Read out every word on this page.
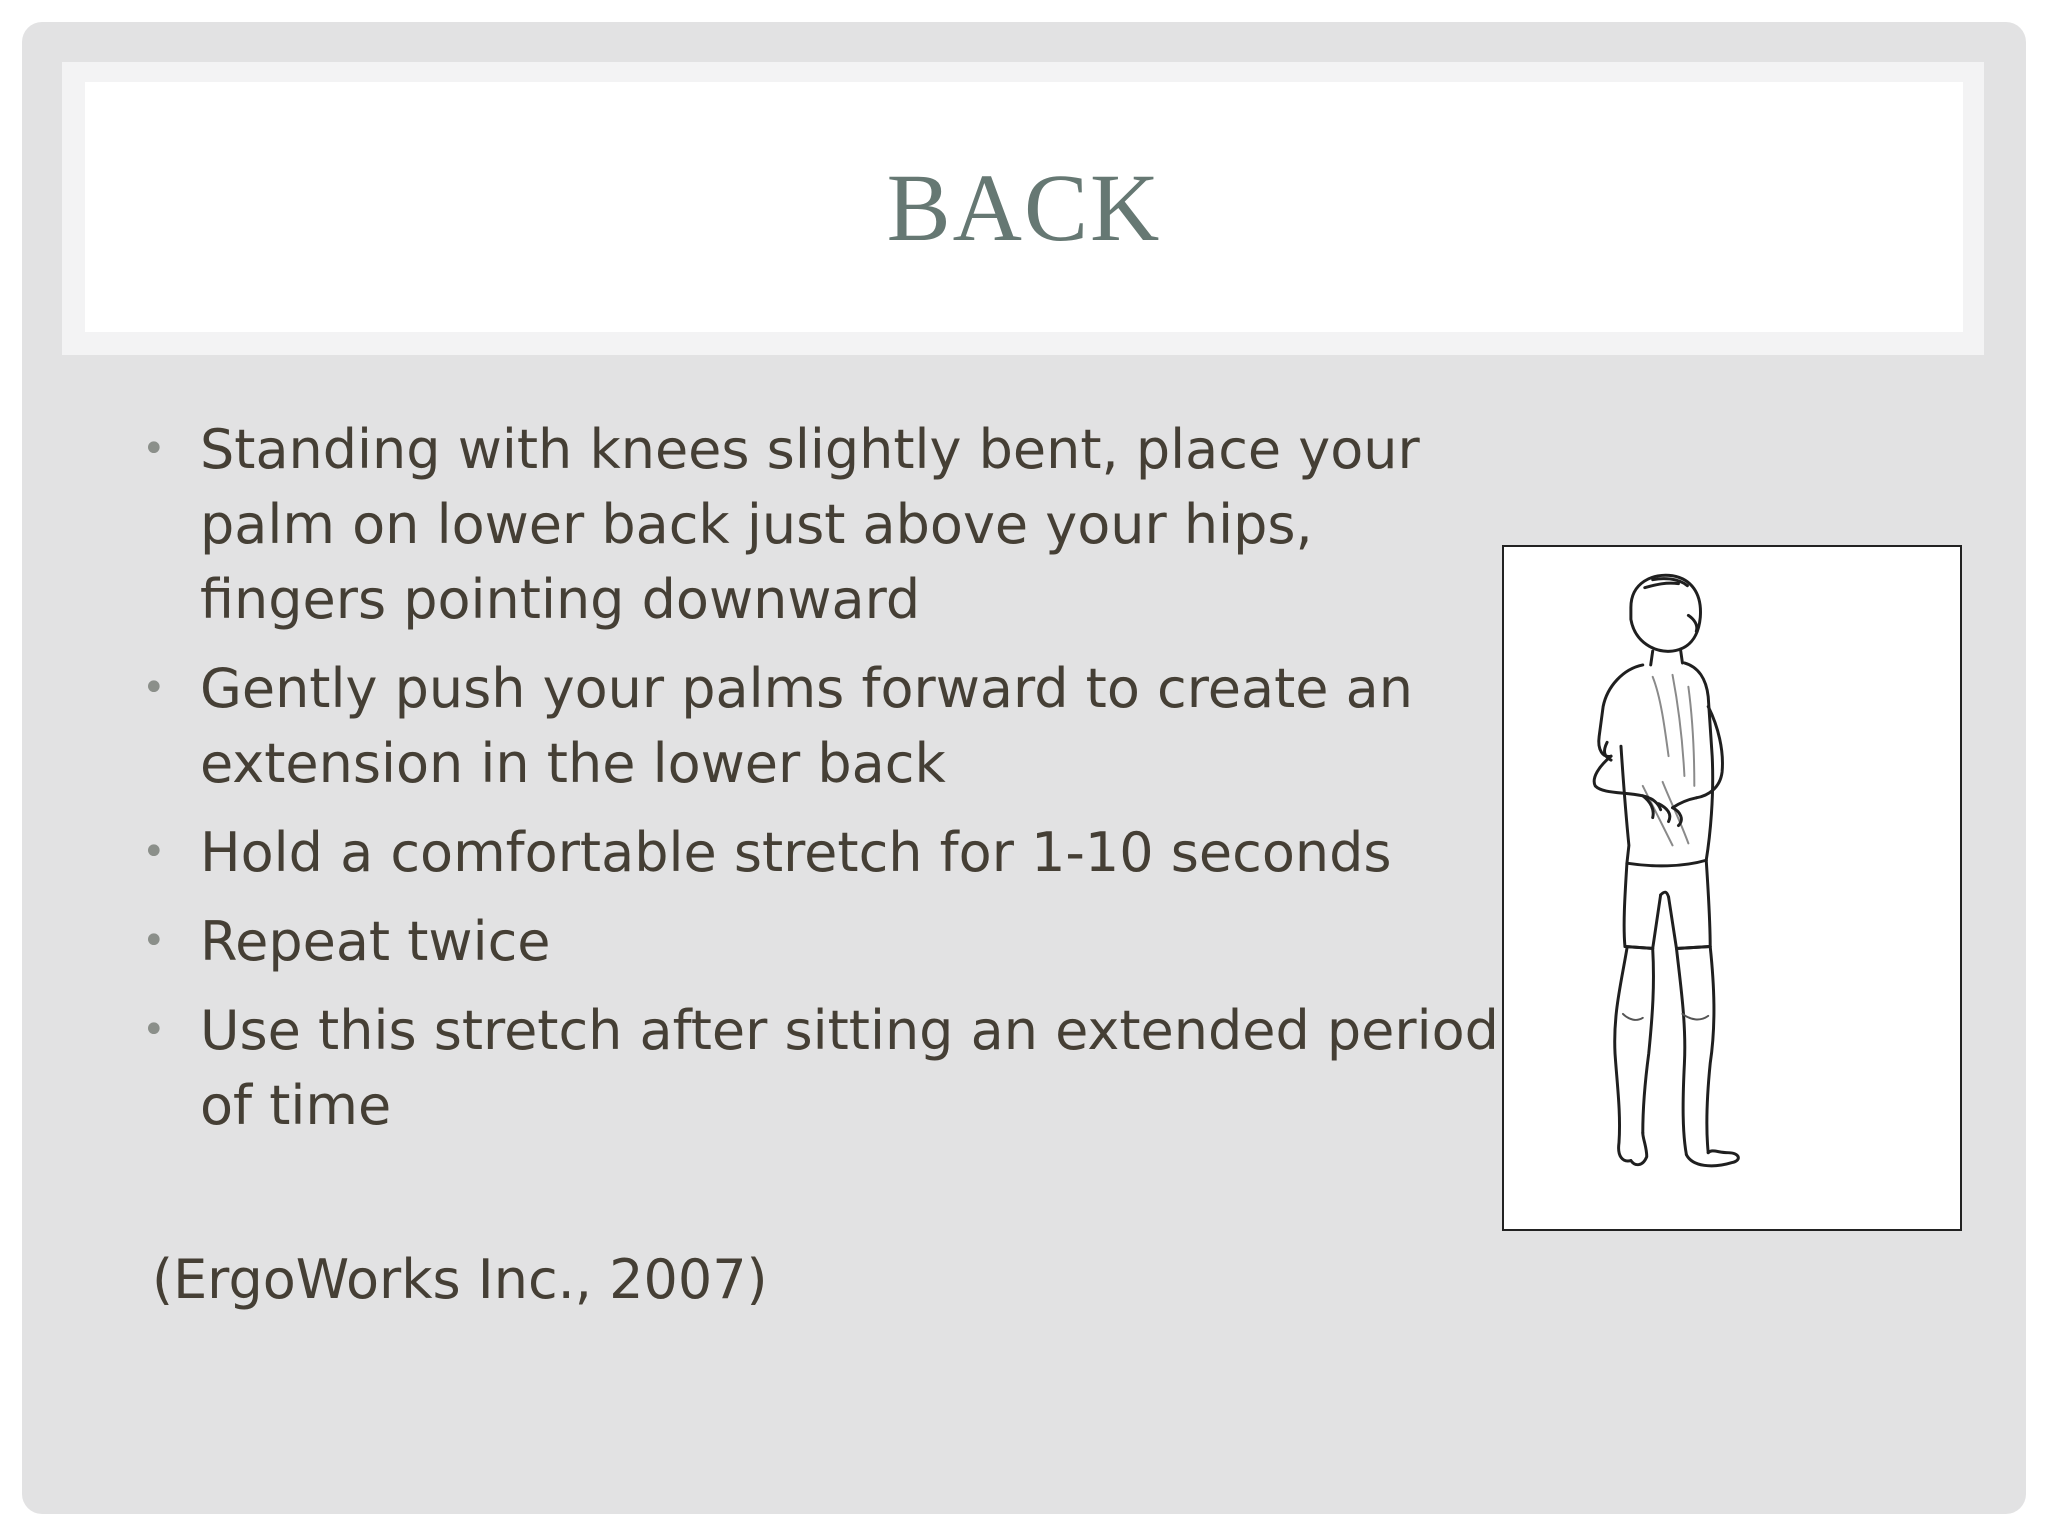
BACK
• Standing with knees slightly bent, place your palm on lower back just above your hips, fingers pointing downward
• Gently push your palms forward to create an extension in the lower back
• Hold a comfortable stretch for 1-10 seconds
• Repeat twice
• Use this stretch after sitting an extended period of time

(ErgoWorks Inc., 2007)
